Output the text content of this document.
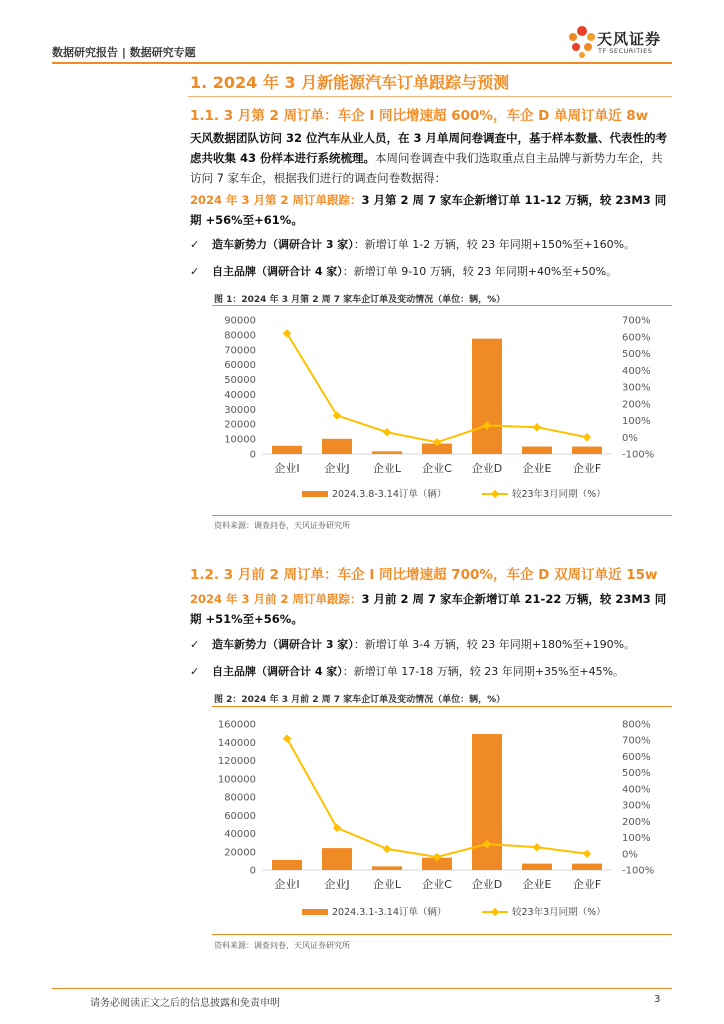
数据研究报告 | 数据研究专题
天风证券
TF SECURITIES
1. 2024 年 3 月新能源汽车订单跟踪与预测
1.1. 3 月第 2 周订单：车企 I 同比增速超 600%，车企 D 单周订单近 8w
天风数据团队访问 32 位汽车从业人员，在 3 月单周问卷调查中，基于样本数量、代表性的考虑共收集 43 份样本进行系统梳理。本周问卷调查中我们选取重点自主品牌与新势力车企，共访问 7 家车企，根据我们进行的调查问卷数据得：
2024 年 3 月第 2 周订单跟踪：3 月第 2 周 7 家车企新增订单 11-12 万辆，较 23M3 同期 +56%至+61%。
✓ 造车新势力（调研合计 3 家）：新增订单 1-2 万辆，较 23 年同期+150%至+160%。
✓ 自主品牌（调研合计 4 家）：新增订单 9-10 万辆，较 23 年同期+40%至+50%。
图 1：2024 年 3 月第 2 周 7 家车企订单及变动情况（单位：辆，%）
0
10000
20000
30000
40000
50000
60000
70000
80000
90000
-100%
0%
100%
200%
300%
400%
500%
600%
700%
企业I 企业J 企业L 企业C 企业D 企业E 企业F
2024.3.8-3.14订单（辆）	较23年3月同期（%）
资料来源：调查问卷，天风证券研究所
1.2. 3 月前 2 周订单：车企 I 同比增速超 700%，车企 D 双周订单近 15w
2024 年 3 月前 2 周订单跟踪：3 月前 2 周 7 家车企新增订单 21-22 万辆，较 23M3 同期 +51%至+56%。
✓ 造车新势力（调研合计 3 家）：新增订单 3-4 万辆，较 23 年同期+180%至+190%。
✓ 自主品牌（调研合计 4 家）：新增订单 17-18 万辆，较 23 年同期+35%至+45%。
图 2：2024 年 3 月前 2 周 7 家车企订单及变动情况（单位：辆，%）
0
20000
40000
60000
80000
100000
120000
140000
160000
-100%
0%
100%
200%
300%
400%
500%
600%
700%
800%
企业I 企业J 企业L 企业C 企业D 企业E 企业F
2024.3.1-3.14订单（辆）	较23年3月同期（%）
资料来源：调查问卷，天风证券研究所
请务必阅读正文之后的信息披露和免责申明	3
